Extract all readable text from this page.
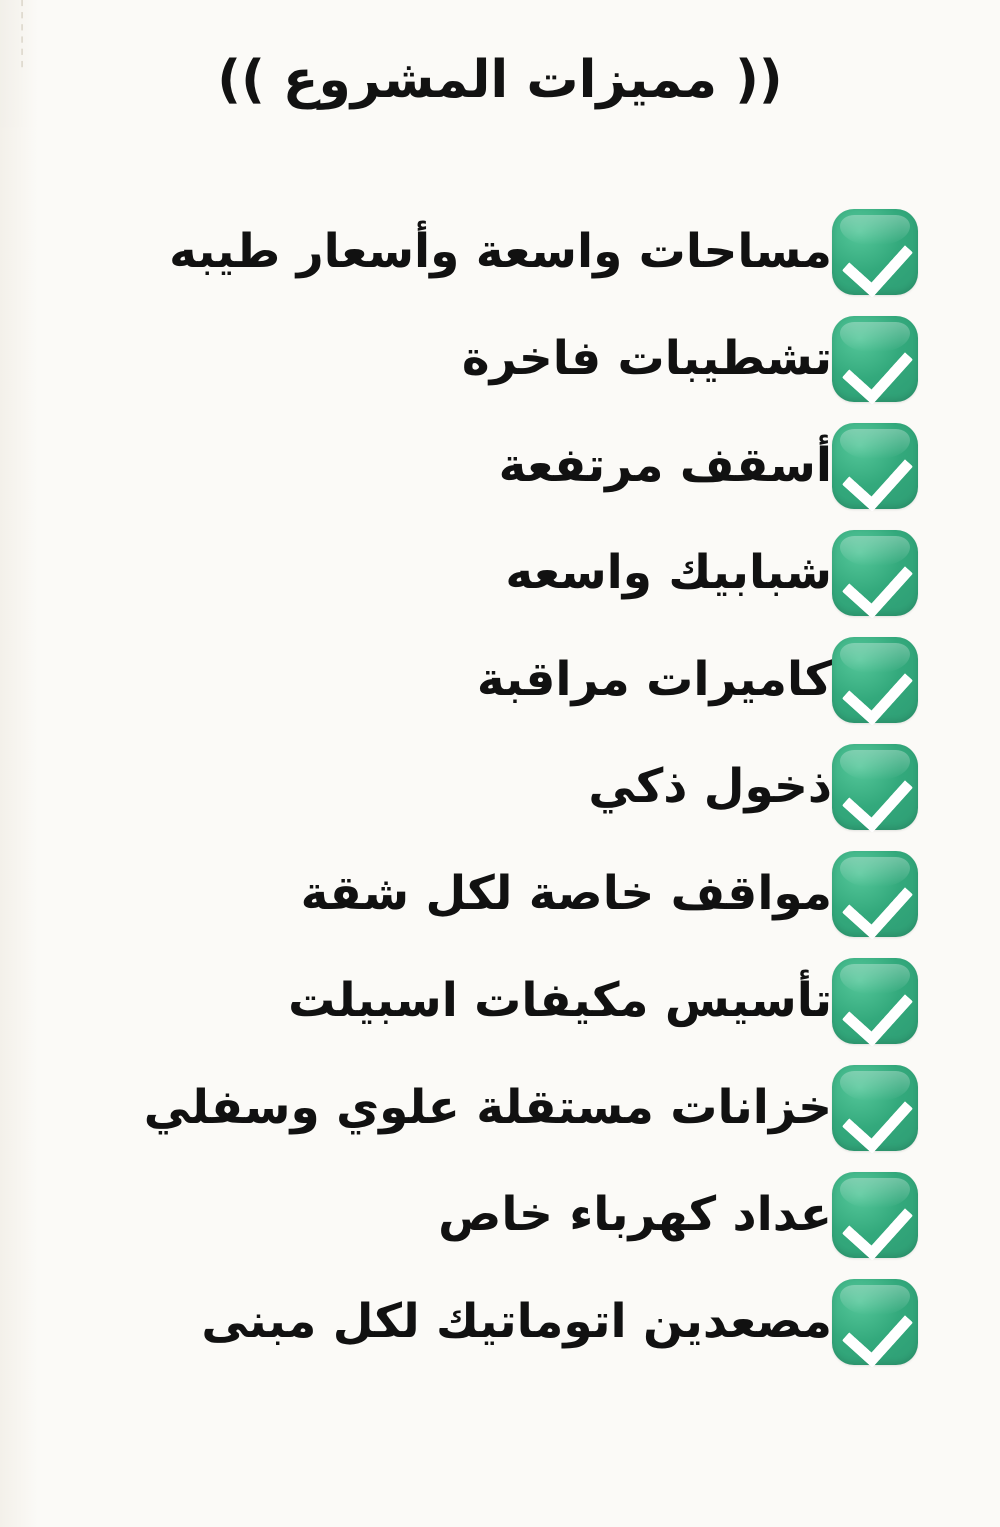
ـ ـ ـ ـ ـ ـ
(( مميزات المشروع ))
مساحات واسعة وأسعار طيبه
تشطيبات فاخرة
أسقف مرتفعة
شبابيك واسعه
كاميرات مراقبة
ذخول ذكي
مواقف خاصة لكل شقة
تأسيس مكيفات اسبيلت
خزانات مستقلة علوي وسفلي
عداد كهرباء خاص
مصعدين اتوماتيك لكل مبنى
